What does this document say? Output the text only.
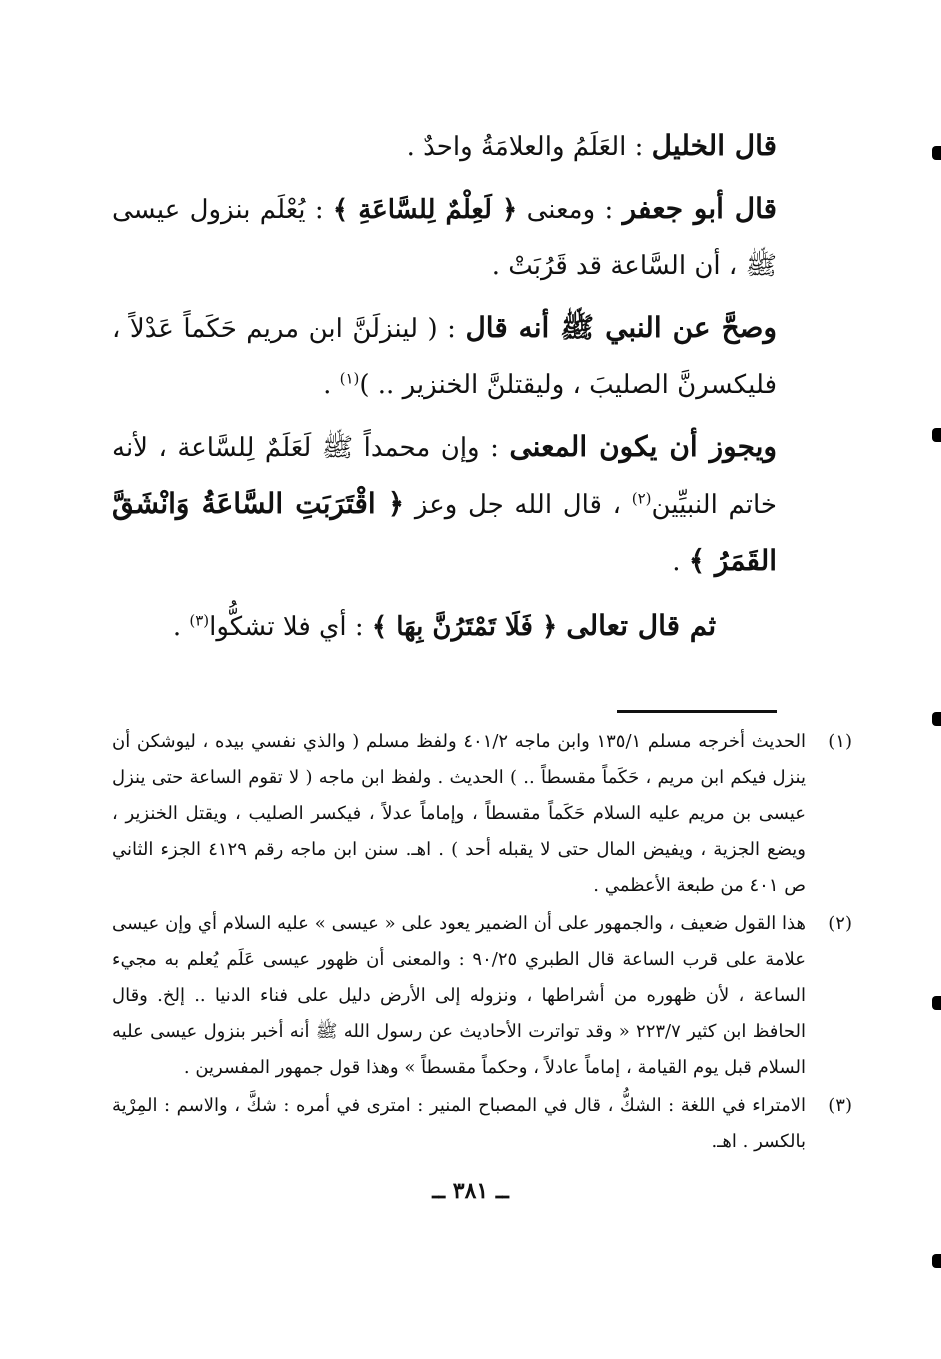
قال الخليل : العَلَمُ والعلامَةُ واحدٌ .

قال أبو جعفر : ومعنى ﴿ لَعِلْمٌ لِلسَّاعَةِ ﴾ : يُعْلَم بنزول عيسى ﷺ ، أن السَّاعة قد قَرُبَتْ .

وصحَّ عن النبي ﷺ أنه قال : ( لينزلَنَّ ابن مريم حَكَماً عَدْلاً ، فليكسرنَّ الصليبَ ، وليقتلنَّ الخنزير .. )$^{(١)}$ .

ويجوز أن يكون المعنى : وإن محمداً ﷺ لَعَلَمٌ لِلسَّاعة ، لأنه خاتم النبيِّين$^{(٢)}$ ، قال الله جل وعز ﴿ اقْتَرَبَتِ السَّاعَةُ وَانْشَقَّ القَمَرُ ﴾ .

ثم قال تعالى ﴿ فَلَا تَمْتَرُنَّ بِهَا ﴾ : أي فلا تشكُّوا$^{(٣)}$ .

(١)
الحديث أخرجه مسلم ١٣٥/١ وابن ماجه ٤٠١/٢ ولفظ مسلم ( والذي نفسي بيده ، ليوشكن أن ينزل فيكم ابن مريم ، حَكَماً مقسطاً .. ) الحديث . ولفظ ابن ماجه ( لا تقوم الساعة حتى ينزل عيسى بن مريم عليه السلام حَكَماً مقسطاً ، وإماماً عدلاً ، فيكسر الصليب ، ويقتل الخنزير ، ويضع الجزية ، ويفيض المال حتى لا يقبله أحد ) . اهـ. سنن ابن ماجه رقم ٤١٢٩ الجزء الثاني ص ٤٠١ من طبعة الأعظمي .
(٢)
هذا القول ضعيف ، والجمهور على أن الضمير يعود على « عيسى » عليه السلام أي وإن عيسى علامة على قرب الساعة قال الطبري ٩٠/٢٥ : والمعنى أن ظهور عيسى عَلَم يُعلم به مجيء الساعة ، لأن ظهوره من أشراطها ، ونزوله إلى الأرض دليل على فناء الدنيا .. إلخ. وقال الحافظ ابن كثير ٢٢٣/٧ « وقد تواترت الأحاديث عن رسول الله ﷺ أنه أخبر بنزول عيسى عليه السلام قبل يوم القيامة ، إماماً عادلاً ، وحكماً مقسطاً » وهذا قول جمهور المفسرين .
(٣)
الامتراء في اللغة : الشكُّ ، قال في المصباح المنير : امترى في أمره : شكَّ ، والاسم : المِرْية بالكسر . اهـ.
ــ ٣٨١ ــ
